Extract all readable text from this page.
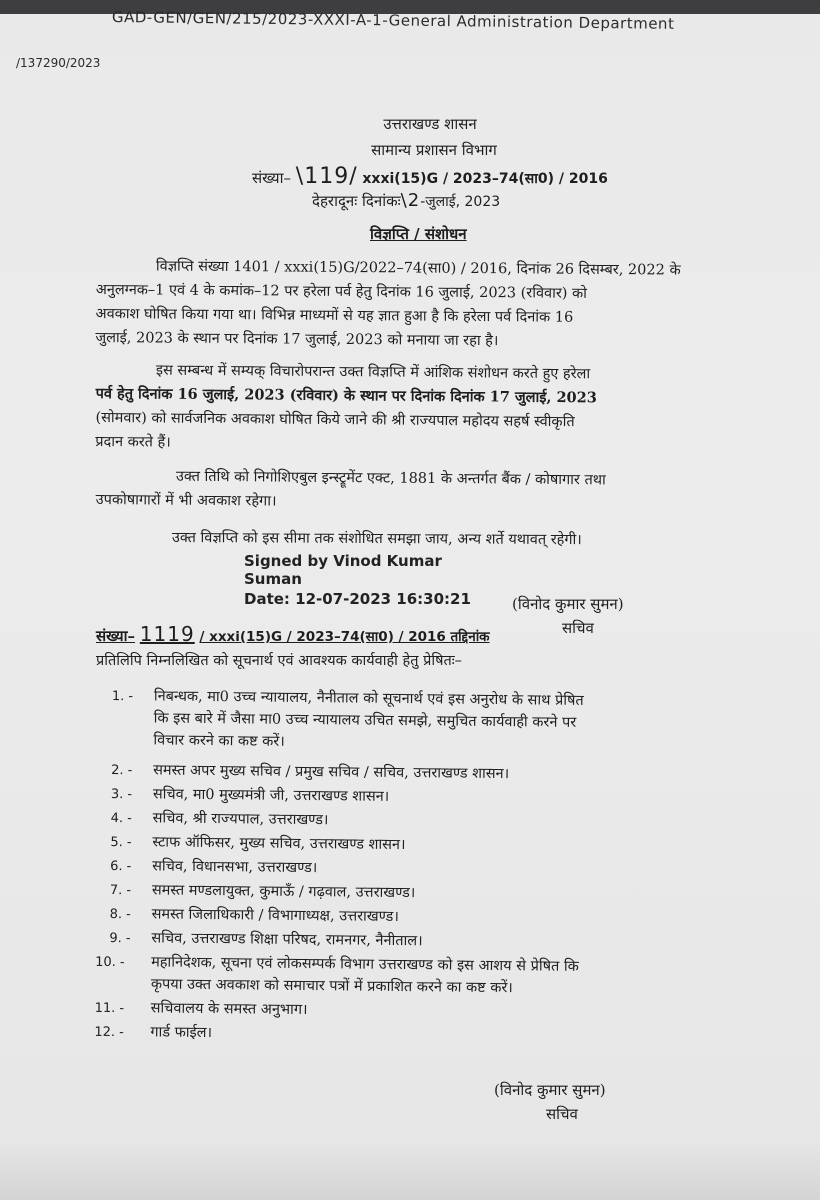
GAD-GEN/GEN/215/2023-XXXI-A-1-General Administration Department
/137290/2023
उत्तराखण्ड शासन
सामान्य प्रशासन विभाग
संख्या– \119/ xxxi(15)G / 2023–74(सा0) / 2016
देहरादूनः दिनांकः\2-जुलाई, 2023
विज्ञप्ति / संशोधन
विज्ञप्ति संख्या 1401 / xxxi(15)G/2022–74(सा0) / 2016, दिनांक 26 दिसम्बर, 2022 के
अनुलग्नक–1 एवं 4 के कमांक–12 पर हरेला पर्व हेतु दिनांक 16 जुलाई, 2023 (रविवार) को
अवकाश घोषित किया गया था। विभिन्न माध्यमों से यह ज्ञात हुआ है कि हरेला पर्व दिनांक 16
जुलाई, 2023 के स्थान पर दिनांक 17 जुलाई, 2023 को मनाया जा रहा है।
इस सम्बन्ध में सम्यक् विचारोपरान्त उक्त विज्ञप्ति में आंशिक संशोधन करते हुए हरेला
पर्व हेतु दिनांक 16 जुलाई, 2023 (रविवार) के स्थान पर दिनांक दिनांक 17 जुलाई, 2023
(सोमवार) को सार्वजनिक अवकाश घोषित किये जाने की श्री राज्यपाल महोदय सहर्ष स्वीकृति
प्रदान करते हैं।
उक्त तिथि को निगोशिएबुल इन्स्ट्रूमेंट एक्ट, 1881 के अन्तर्गत बैंक / कोषागार तथा
उपकोषागारों में भी अवकाश रहेगा।
उक्त विज्ञप्ति को इस सीमा तक संशोधित समझा जाय, अन्य शर्ते यथावत् रहेगी।
Signed by Vinod Kumar
Suman
Date: 12-07-2023 16:30:21	(विनोद कुमार सुमन)
सचिव
संख्या– 1119 / xxxi(15)G / 2023–74(सा0) / 2016 तद्दिनांक
प्रतिलिपि निम्नलिखित को सूचनार्थ एवं आवश्यक कार्यवाही हेतु प्रेषितः–
1. - निबन्धक, मा0 उच्च न्यायालय, नैनीताल को सूचनार्थ एवं इस अनुरोध के साथ प्रेषित
कि इस बारे में जैसा मा0 उच्च न्यायालय उचित समझे, समुचित कार्यवाही करने पर
विचार करने का कष्ट करें।
2. - समस्त अपर मुख्य सचिव / प्रमुख सचिव / सचिव, उत्तराखण्ड शासन।
3. - सचिव, मा0 मुख्यमंत्री जी, उत्तराखण्ड शासन।
4. - सचिव, श्री राज्यपाल, उत्तराखण्ड।
5. - स्टाफ ऑफिसर, मुख्य सचिव, उत्तराखण्ड शासन।
6. - सचिव, विधानसभा, उत्तराखण्ड।
7. - समस्त मण्डलायुक्त, कुमाऊँ / गढ़वाल, उत्तराखण्ड।
8. - समस्त जिलाधिकारी / विभागाध्यक्ष, उत्तराखण्ड।
9. - सचिव, उत्तराखण्ड शिक्षा परिषद, रामनगर, नैनीताल।
10. - महानिदेशक, सूचना एवं लोकसम्पर्क विभाग उत्तराखण्ड को इस आशय से प्रेषित कि
कृपया उक्त अवकाश को समाचार पत्रों में प्रकाशित करने का कष्ट करें।
11. - सचिवालय के समस्त अनुभाग।
12. - गार्ड फाईल।
(विनोद कुमार सुमन)
सचिव
